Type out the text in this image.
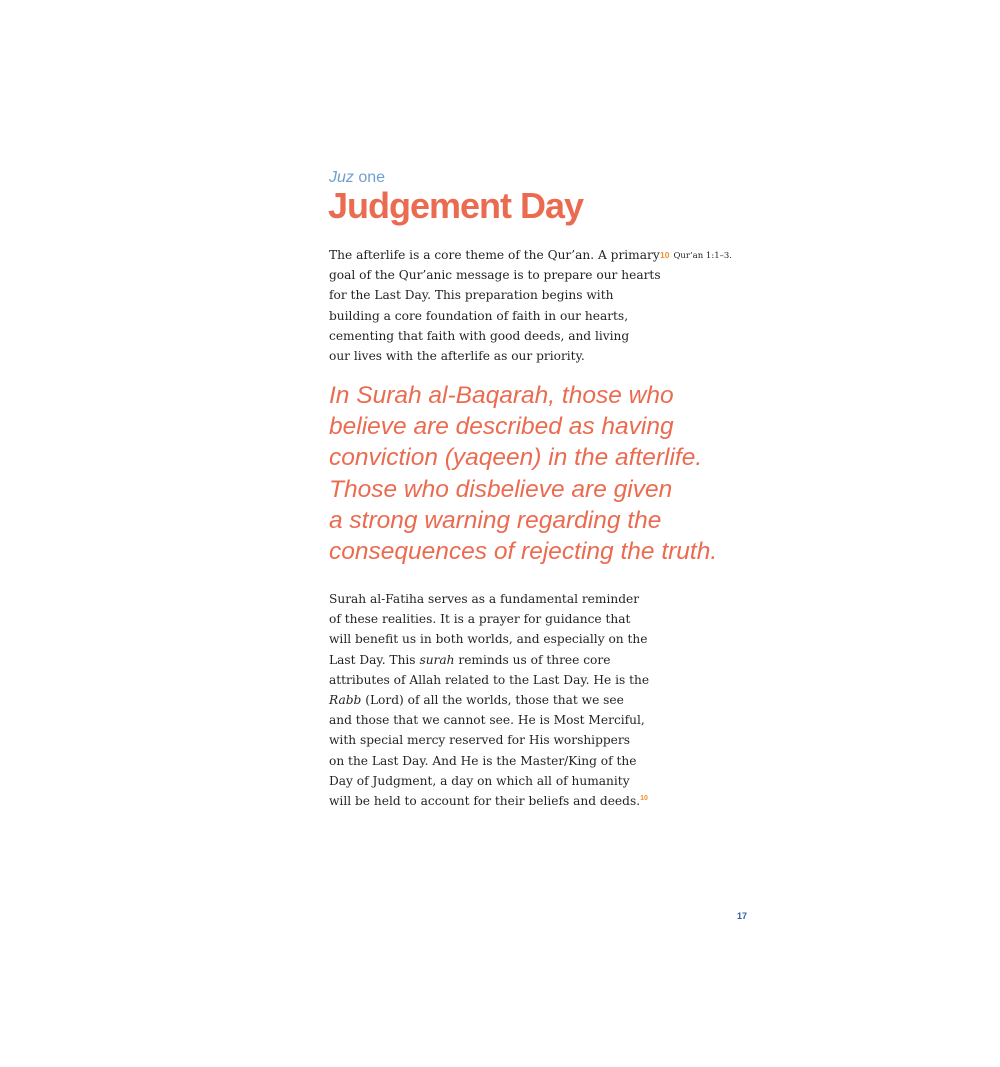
Juz one
Judgement Day

The afterlife is a core theme of the Qur’an. A primary
goal of the Qur’anic message is to prepare our hearts
for the Last Day. This preparation begins with
building a core foundation of faith in our hearts,
cementing that faith with good deeds, and living
our lives with the afterlife as our priority.

10 Qur’an 1:1–3.
In Surah al-Baqarah, those who
believe are described as having
conviction (yaqeen) in the afterlife.
Those who disbelieve are given
a strong warning regarding the
consequences of rejecting the truth.

Surah al-Fatiha serves as a fundamental reminder
of these realities. It is a prayer for guidance that
will benefit us in both worlds, and especially on the
Last Day. This surah reminds us of three core
attributes of Allah related to the Last Day. He is the
Rabb (Lord) of all the worlds, those that we see
and those that we cannot see. He is Most Merciful,
with special mercy reserved for His worshippers
on the Last Day. And He is the Master/King of the
Day of Judgment, a day on which all of humanity
will be held to account for their beliefs and deeds.$^{10}$

17
